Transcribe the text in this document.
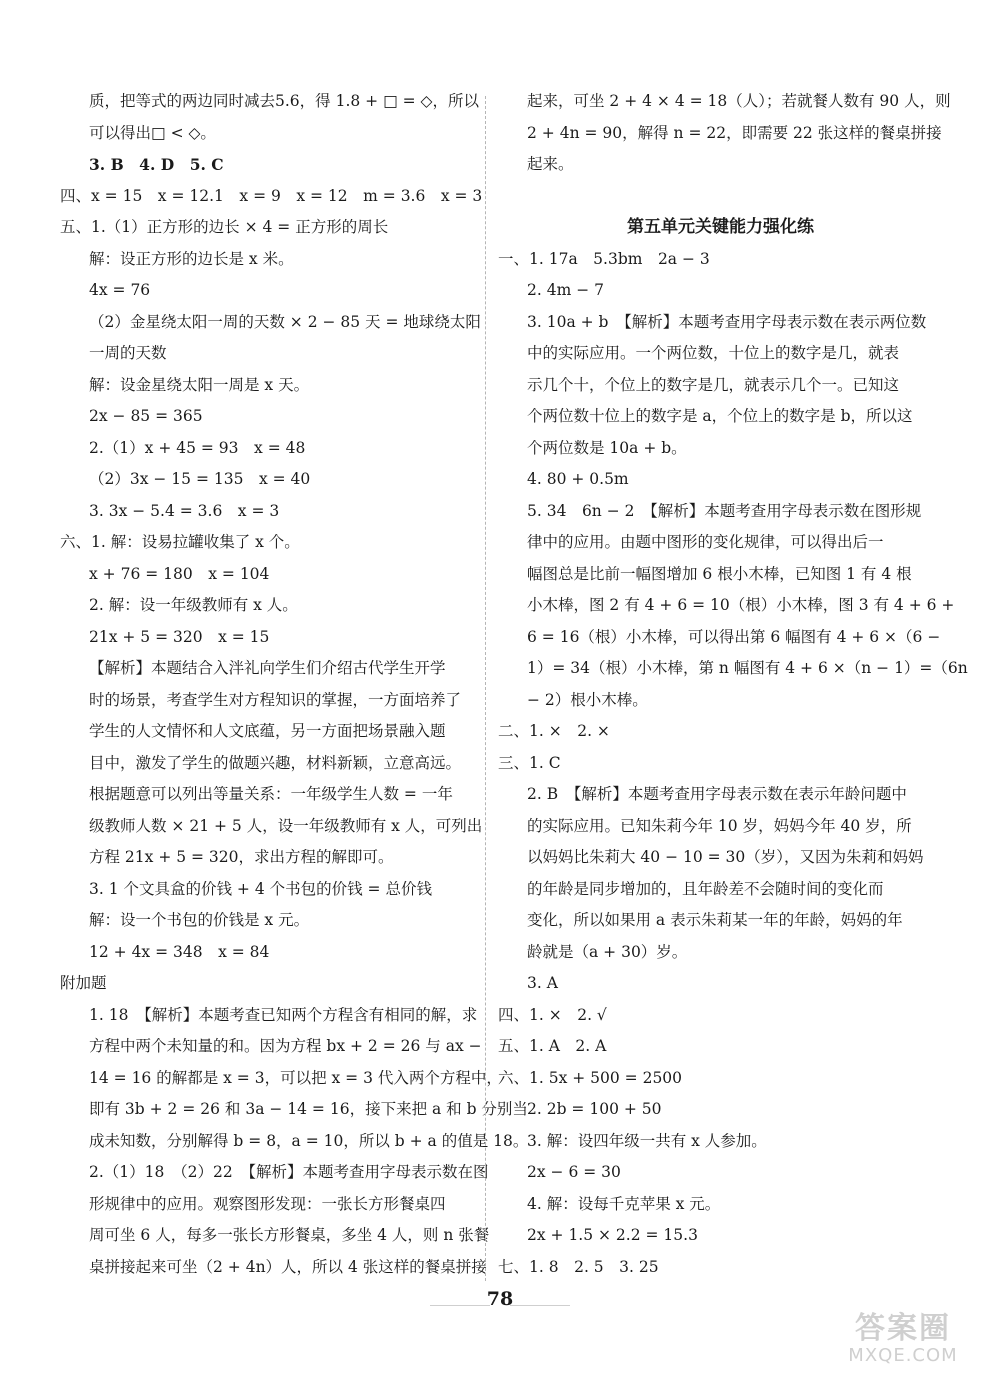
质，把等式的两边同时减去5.6，得 1.8 + □ = ◇，所以
可以得出□ < ◇。
3. B　4. D　5. C
四、x = 15　x = 12.1　x = 9　x = 12　m = 3.6　x = 3
五、1.（1）正方形的边长 × 4 = 正方形的周长
解：设正方形的边长是 x 米。
4x = 76
（2）金星绕太阳一周的天数 × 2 − 85 天 = 地球绕太阳
一周的天数
解：设金星绕太阳一周是 x 天。
2x − 85 = 365
2.（1）x + 45 = 93　x = 48
（2）3x − 15 = 135　x = 40
3. 3x − 5.4 = 3.6　x = 3
六、1. 解：设易拉罐收集了 x 个。
x + 76 = 180　x = 104
2. 解：设一年级教师有 x 人。
21x + 5 = 320　x = 15
【解析】本题结合入泮礼向学生们介绍古代学生开学
时的场景，考查学生对方程知识的掌握，一方面培养了
学生的人文情怀和人文底蕴，另一方面把场景融入题
目中，激发了学生的做题兴趣，材料新颖，立意高远。
根据题意可以列出等量关系：一年级学生人数 = 一年
级教师人数 × 21 + 5 人，设一年级教师有 x 人，可列出
方程 21x + 5 = 320，求出方程的解即可。
3. 1 个文具盒的价钱 + 4 个书包的价钱 = 总价钱
解：设一个书包的价钱是 x 元。
12 + 4x = 348　x = 84
附加题
1. 18　【解析】本题考查已知两个方程含有相同的解，求
方程中两个未知量的和。因为方程 bx + 2 = 26 与 ax −
14 = 16 的解都是 x = 3，可以把 x = 3 代入两个方程中，
即有 3b + 2 = 26 和 3a − 14 = 16，接下来把 a 和 b 分别当
成未知数，分别解得 b = 8，a = 10，所以 b + a 的值是 18。
2.（1）18　（2）22　【解析】本题考查用字母表示数在图
形规律中的应用。观察图形发现：一张长方形餐桌四
周可坐 6 人，每多一张长方形餐桌，多坐 4 人，则 n 张餐
桌拼接起来可坐（2 + 4n）人，所以 4 张这样的餐桌拼接
起来，可坐 2 + 4 × 4 = 18（人）；若就餐人数有 90 人，则
2 + 4n = 90，解得 n = 22，即需要 22 张这样的餐桌拼接
起来。
第五单元关键能力强化练
一、1. 17a　5.3bm　2a − 3
2. 4m − 7
3. 10a + b　【解析】本题考查用字母表示数在表示两位数
中的实际应用。一个两位数，十位上的数字是几，就表
示几个十，个位上的数字是几，就表示几个一。已知这
个两位数十位上的数字是 a，个位上的数字是 b，所以这
个两位数是 10a + b。
4. 80 + 0.5m
5. 34　6n − 2　【解析】本题考查用字母表示数在图形规
律中的应用。由题中图形的变化规律，可以得出后一
幅图总是比前一幅图增加 6 根小木棒，已知图 1 有 4 根
小木棒，图 2 有 4 + 6 = 10（根）小木棒，图 3 有 4 + 6 +
6 = 16（根）小木棒，可以得出第 6 幅图有 4 + 6 ×（6 −
1）= 34（根）小木棒，第 n 幅图有 4 + 6 ×（n − 1）=（6n
− 2）根小木棒。
二、1. ×　2. ×
三、1. C
2. B　【解析】本题考查用字母表示数在表示年龄问题中
的实际应用。已知朱莉今年 10 岁，妈妈今年 40 岁，所
以妈妈比朱莉大 40 − 10 = 30（岁），又因为朱莉和妈妈
的年龄是同步增加的，且年龄差不会随时间的变化而
变化，所以如果用 a 表示朱莉某一年的年龄，妈妈的年
龄就是（a + 30）岁。
3. A
四、1. ×　2. √
五、1. A　2. A
六、1. 5x + 500 = 2500
2. 2b = 100 + 50
3. 解：设四年级一共有 x 人参加。
2x − 6 = 30
4. 解：设每千克苹果 x 元。
2x + 1.5 × 2.2 = 15.3
七、1. 8　2. 5　3. 25
78
答案圈
MXQE.COM
